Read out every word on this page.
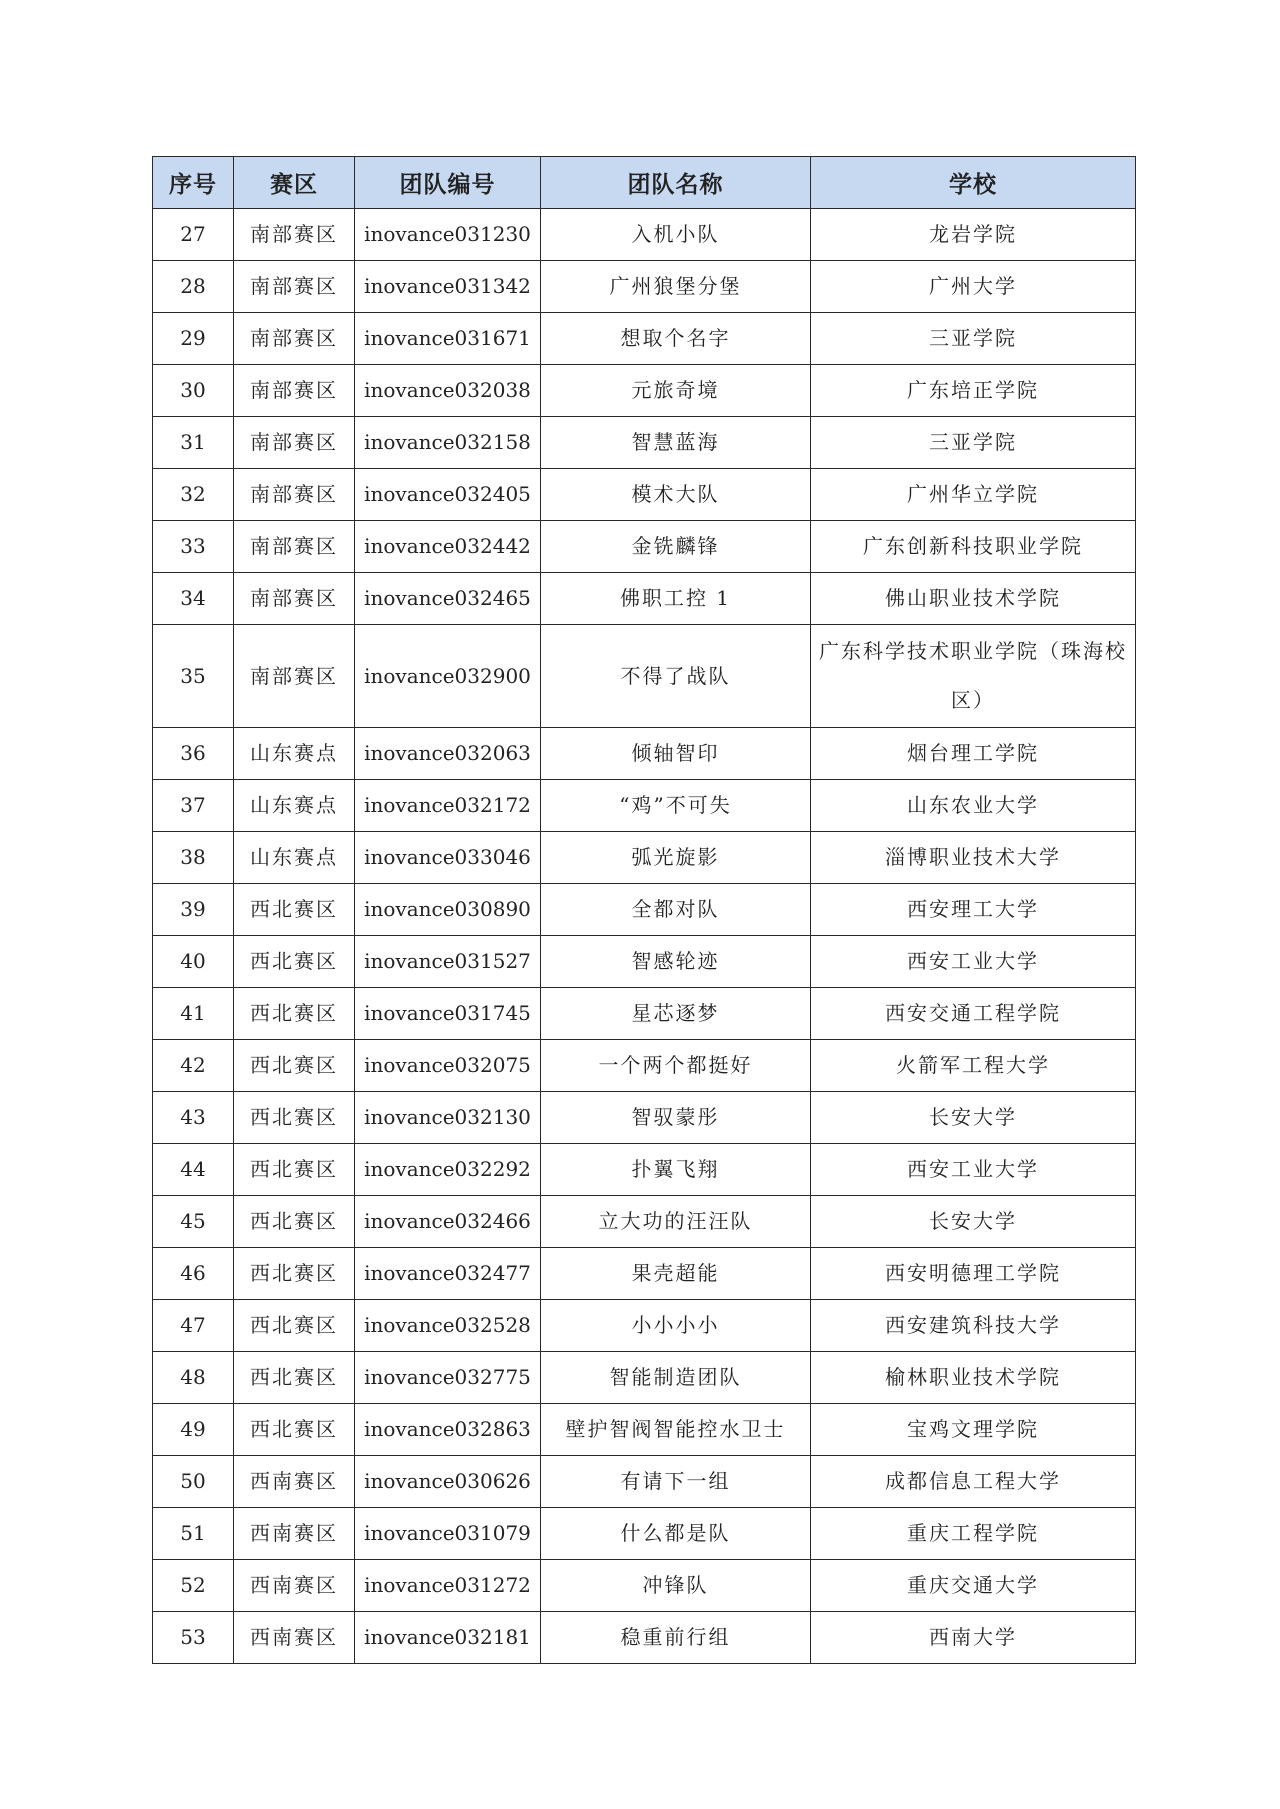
序号	赛区	团队编号	团队名称	学校
27	南部赛区	inovance031230	入机小队	龙岩学院
28	南部赛区	inovance031342	广州狼堡分堡	广州大学
29	南部赛区	inovance031671	想取个名字	三亚学院
30	南部赛区	inovance032038	元旅奇境	广东培正学院
31	南部赛区	inovance032158	智慧蓝海	三亚学院
32	南部赛区	inovance032405	模术大队	广州华立学院
33	南部赛区	inovance032442	金铣麟锋	广东创新科技职业学院
34	南部赛区	inovance032465	佛职工控 1	佛山职业技术学院
35	南部赛区	inovance032900	不得了战队	广东科学技术职业学院（珠海校区）
36	山东赛点	inovance032063	倾轴智印	烟台理工学院
37	山东赛点	inovance032172	“鸡”不可失	山东农业大学
38	山东赛点	inovance033046	弧光旋影	淄博职业技术大学
39	西北赛区	inovance030890	全都对队	西安理工大学
40	西北赛区	inovance031527	智感轮迹	西安工业大学
41	西北赛区	inovance031745	星芯逐梦	西安交通工程学院
42	西北赛区	inovance032075	一个两个都挺好	火箭军工程大学
43	西北赛区	inovance032130	智驭蒙彤	长安大学
44	西北赛区	inovance032292	扑翼飞翔	西安工业大学
45	西北赛区	inovance032466	立大功的汪汪队	长安大学
46	西北赛区	inovance032477	果壳超能	西安明德理工学院
47	西北赛区	inovance032528	小小小小	西安建筑科技大学
48	西北赛区	inovance032775	智能制造团队	榆林职业技术学院
49	西北赛区	inovance032863	壁护智阀智能控水卫士	宝鸡文理学院
50	西南赛区	inovance030626	有请下一组	成都信息工程大学
51	西南赛区	inovance031079	什么都是队	重庆工程学院
52	西南赛区	inovance031272	冲锋队	重庆交通大学
53	西南赛区	inovance032181	稳重前行组	西南大学
